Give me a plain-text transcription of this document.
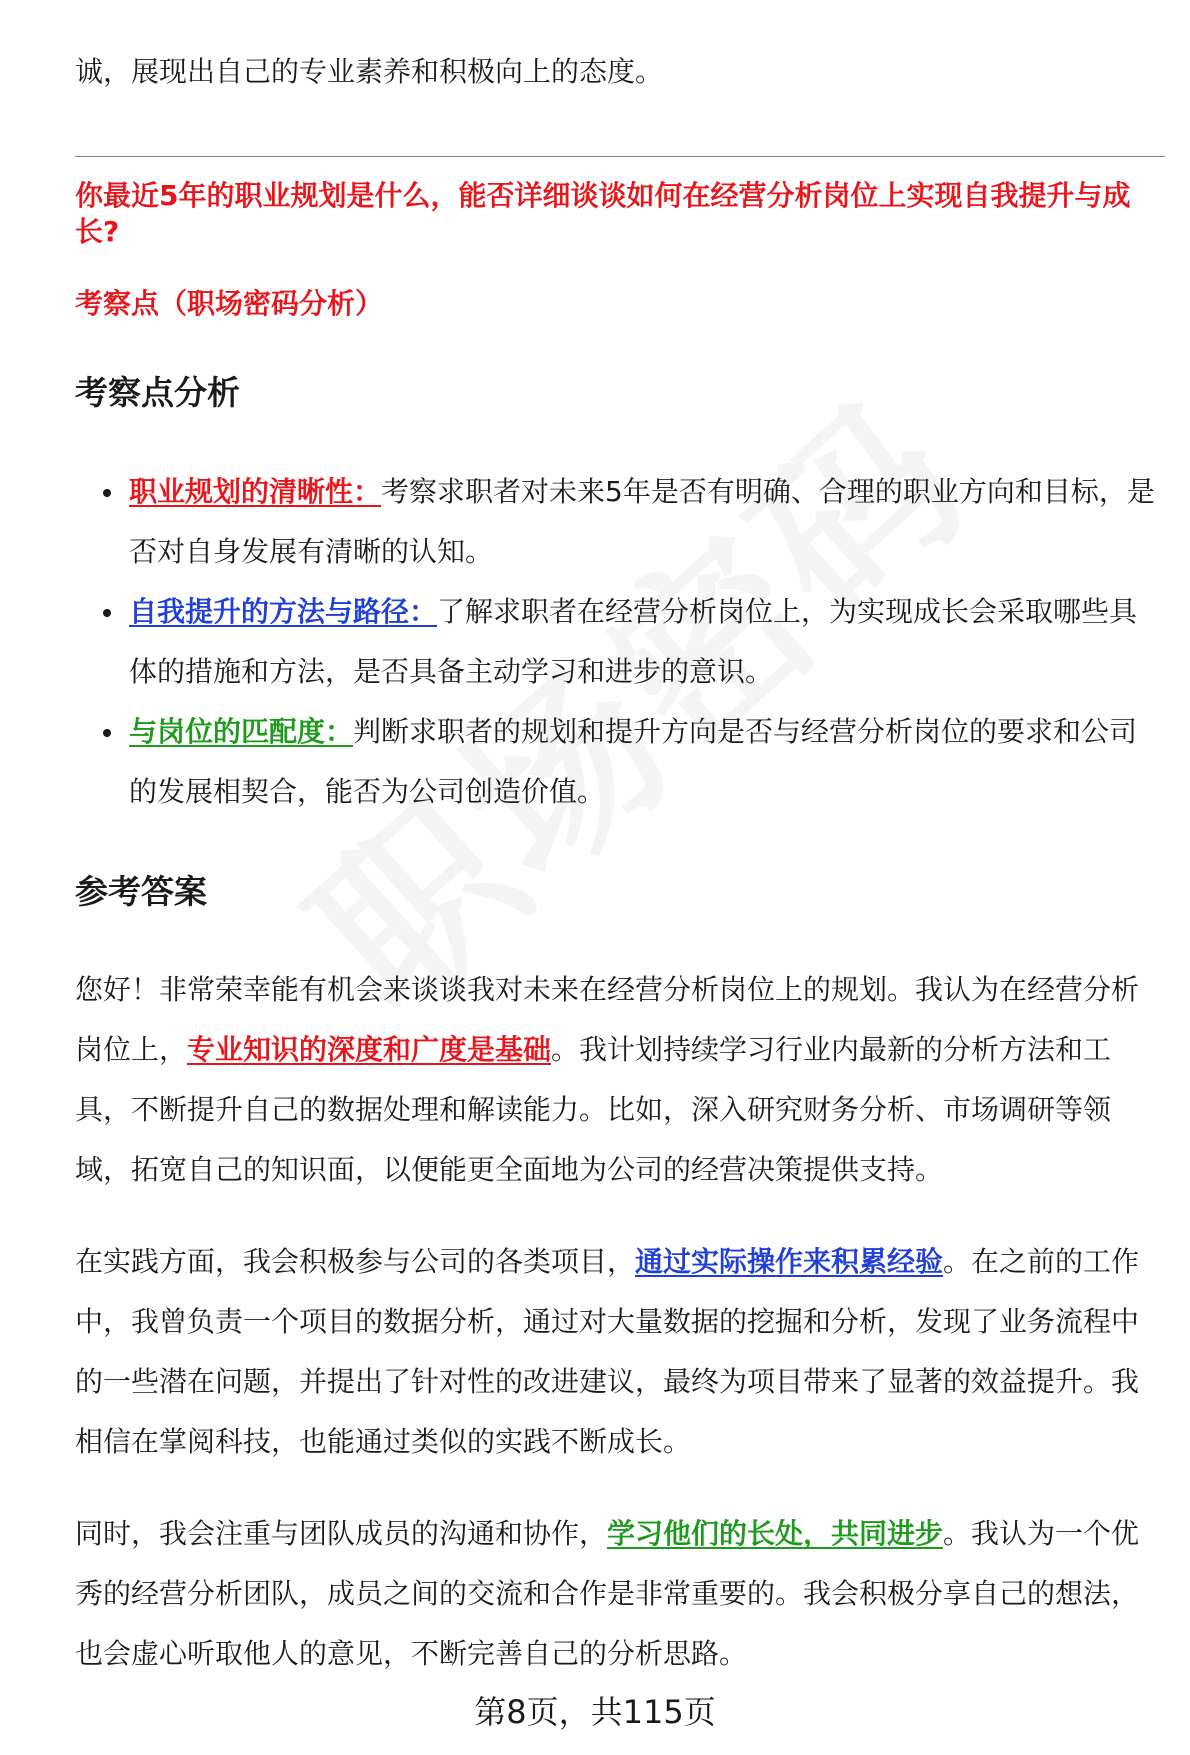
诚，展现出自己的专业素养和积极向上的态度。

你最近5年的职业规划是什么，能否详细谈谈如何在经营分析岗位上实现自我提升与成长?

考察点（职场密码分析）

考察点分析
职业规划的清晰性：考察求职者对未来5年是否有明确、合理的职业方向和目标，是否对自身发展有清晰的认知。
自我提升的方法与路径：了解求职者在经营分析岗位上，为实现成长会采取哪些具体的措施和方法，是否具备主动学习和进步的意识。
与岗位的匹配度：判断求职者的规划和提升方向是否与经营分析岗位的要求和公司的发展相契合，能否为公司创造价值。
参考答案

您好！非常荣幸能有机会来谈谈我对未来在经营分析岗位上的规划。我认为在经营分析岗位上，专业知识的深度和广度是基础。我计划持续学习行业内最新的分析方法和工具，不断提升自己的数据处理和解读能力。比如，深入研究财务分析、市场调研等领域，拓宽自己的知识面，以便能更全面地为公司的经营决策提供支持。

在实践方面，我会积极参与公司的各类项目，通过实际操作来积累经验。在之前的工作中，我曾负责一个项目的数据分析，通过对大量数据的挖掘和分析，发现了业务流程中的一些潜在问题，并提出了针对性的改进建议，最终为项目带来了显著的效益提升。我相信在掌阅科技，也能通过类似的实践不断成长。

同时，我会注重与团队成员的沟通和协作，学习他们的长处，共同进步。我认为一个优秀的经营分析团队，成员之间的交流和合作是非常重要的。我会积极分享自己的想法，也会虚心听取他人的意见，不断完善自己的分析思路。

第8页，共115页
